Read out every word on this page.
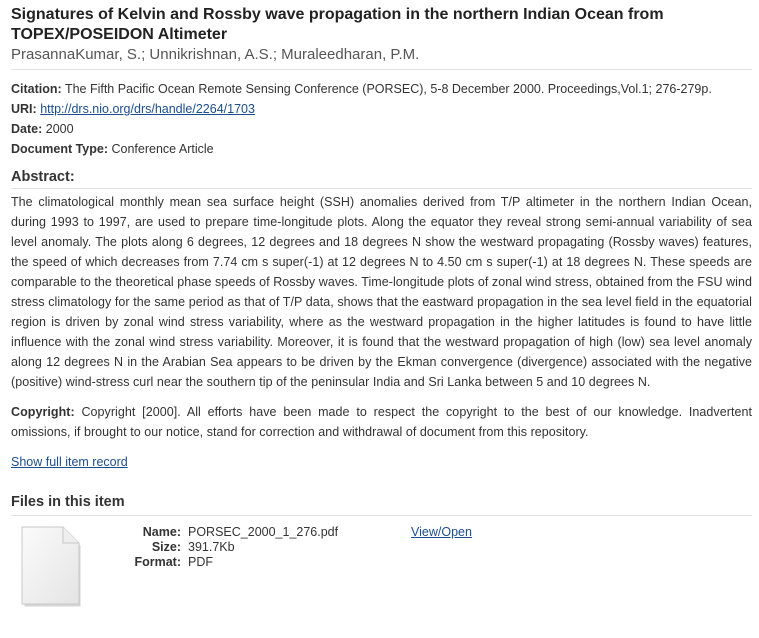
Signatures of Kelvin and Rossby wave propagation in the northern Indian Ocean from TOPEX/POSEIDON Altimeter
PrasannaKumar, S.; Unnikrishnan, A.S.; Muraleedharan, P.M.
Citation: The Fifth Pacific Ocean Remote Sensing Conference (PORSEC), 5-8 December 2000. Proceedings,Vol.1; 276-279p.
URI: http://drs.nio.org/drs/handle/2264/1703
Date: 2000
Document Type: Conference Article
Abstract:
The climatological monthly mean sea surface height (SSH) anomalies derived from T/P altimeter in the northern Indian Ocean, during 1993 to 1997, are used to prepare time-longitude plots. Along the equator they reveal strong semi-annual variability of sea level anomaly. The plots along 6 degrees, 12 degrees and 18 degrees N show the westward propagating (Rossby waves) features, the speed of which decreases from 7.74 cm s super(-1) at 12 degrees N to 4.50 cm s super(-1) at 18 degrees N. These speeds are comparable to the theoretical phase speeds of Rossby waves. Time-longitude plots of zonal wind stress, obtained from the FSU wind stress climatology for the same period as that of T/P data, shows that the eastward propagation in the sea level field in the equatorial region is driven by zonal wind stress variability, where as the westward propagation in the higher latitudes is found to have little influence with the zonal wind stress variability. Moreover, it is found that the westward propagation of high (low) sea level anomaly along 12 degrees N in the Arabian Sea appears to be driven by the Ekman convergence (divergence) associated with the negative (positive) wind-stress curl near the southern tip of the peninsular India and Sri Lanka between 5 and 10 degrees N.
Copyright: Copyright [2000]. All efforts have been made to respect the copyright to the best of our knowledge. Inadvertent omissions, if brought to our notice, stand for correction and withdrawal of document from this repository.
Show full item record
Files in this item
Name: PORSEC_2000_1_276.pdf
Size: 391.7Kb
Format: PDF
View/Open
